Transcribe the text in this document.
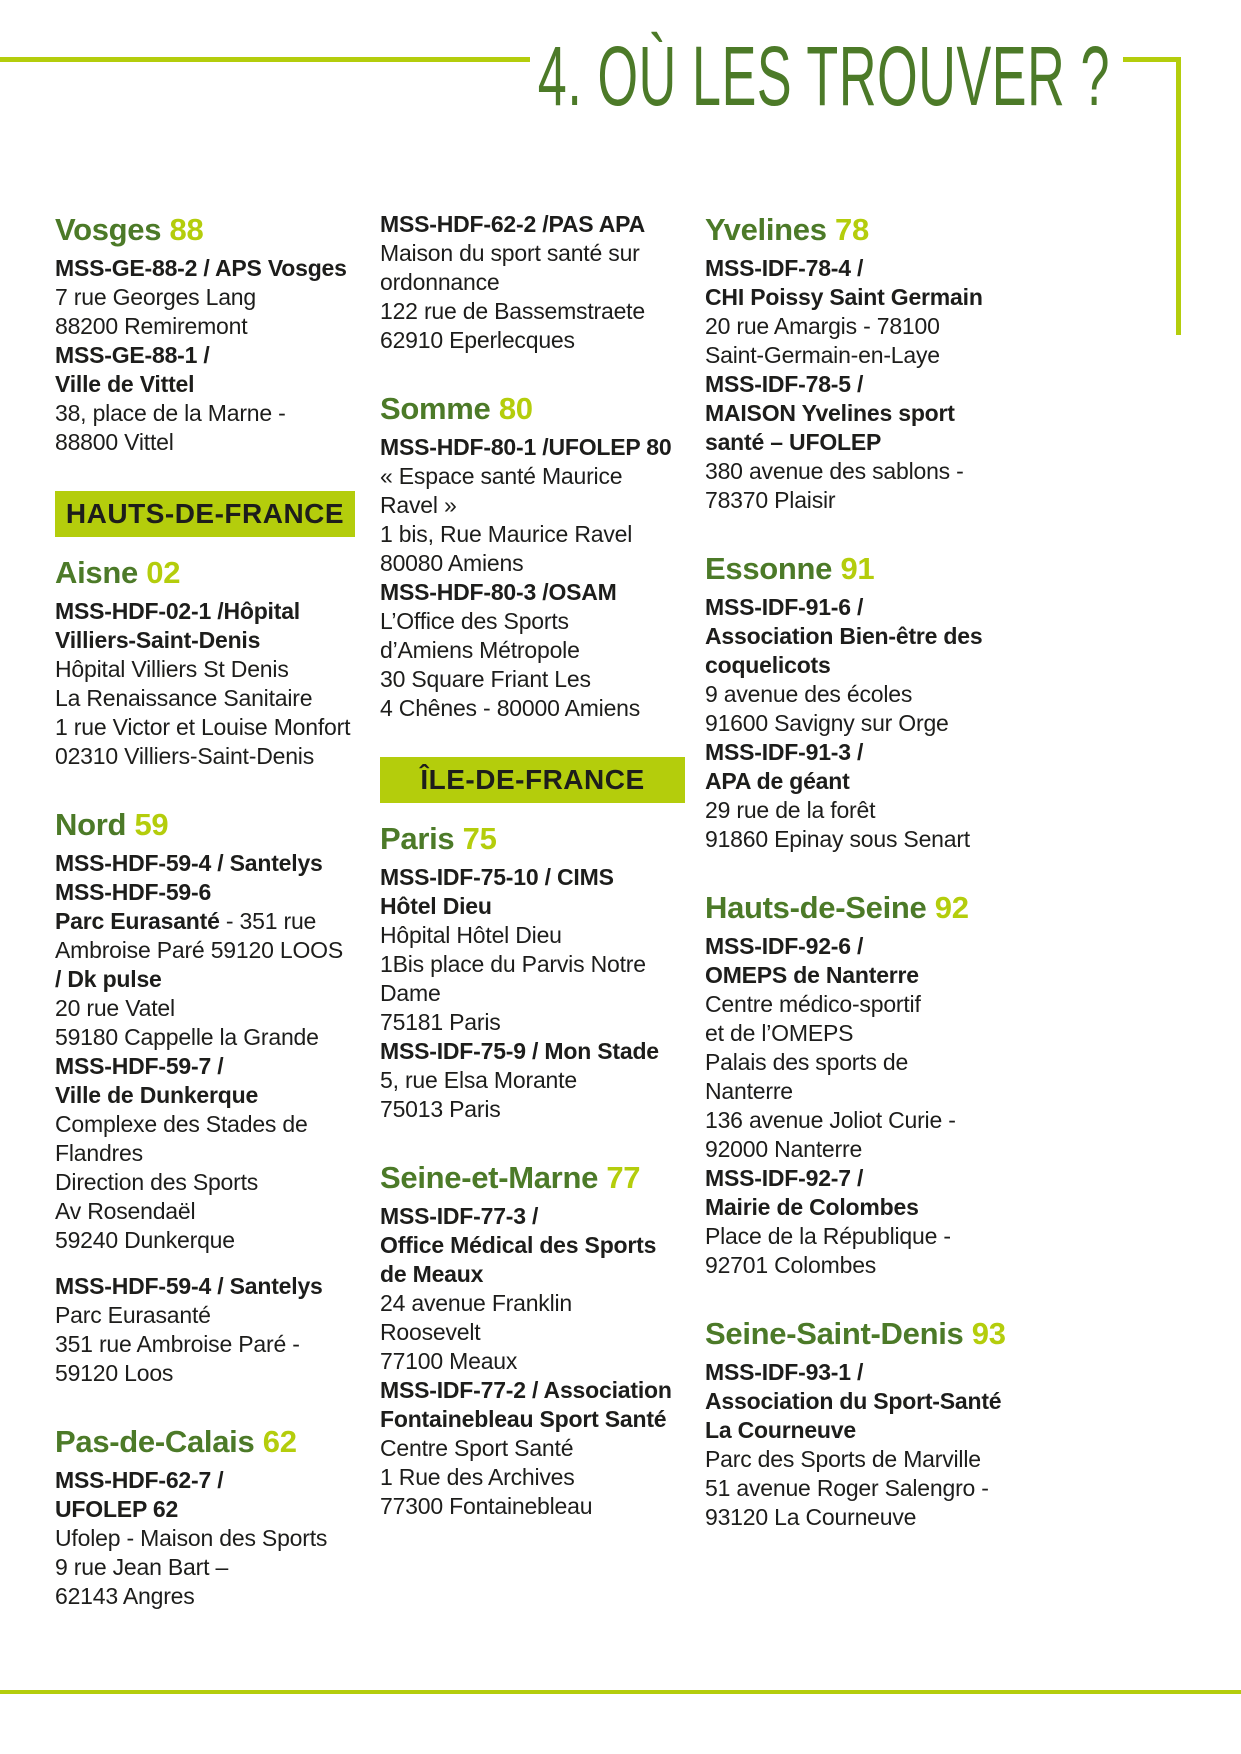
4. OÙ LES TROUVER ?
Vosges 88
MSS-GE-88-2 / APS Vosges
7 rue Georges Lang
88200 Remiremont
MSS-GE-88-1 /
Ville de Vittel
38, place de la Marne -
88800 Vittel
HAUTS-DE-FRANCE
Aisne 02
MSS-HDF-02-1 /Hôpital
Villiers-Saint-Denis
Hôpital Villiers St Denis
La Renaissance Sanitaire
1 rue Victor et Louise Monfort
02310 Villiers-Saint-Denis
Nord 59
MSS-HDF-59-4 / Santelys
MSS-HDF-59-6
Parc Eurasanté - 351 rue
Ambroise Paré 59120 LOOS
/ Dk pulse
20 rue Vatel
59180 Cappelle la Grande
MSS-HDF-59-7 /
Ville de Dunkerque
Complexe des Stades de
Flandres
Direction des Sports
Av Rosendaël
59240 Dunkerque
MSS-HDF-59-4 / Santelys
Parc Eurasanté
351 rue Ambroise Paré -
59120 Loos
Pas-de-Calais 62
MSS-HDF-62-7 /
UFOLEP 62
Ufolep - Maison des Sports
9 rue Jean Bart –
62143 Angres
MSS-HDF-62-2 /PAS APA
Maison du sport santé sur
ordonnance
122 rue de Bassemstraete
62910 Eperlecques
Somme 80
MSS-HDF-80-1 /UFOLEP 80
« Espace santé Maurice
Ravel »
1 bis, Rue Maurice Ravel
80080 Amiens
MSS-HDF-80-3 /OSAM
L’Office des Sports
d’Amiens Métropole
30 Square Friant Les
4 Chênes - 80000 Amiens
ÎLE-DE-FRANCE
Paris 75
MSS-IDF-75-10 / CIMS
Hôtel Dieu
Hôpital Hôtel Dieu
1Bis place du Parvis Notre
Dame
75181 Paris
MSS-IDF-75-9 / Mon Stade
5, rue Elsa Morante
75013 Paris
Seine-et-Marne 77
MSS-IDF-77-3 /
Office Médical des Sports
de Meaux
24 avenue Franklin
Roosevelt
77100 Meaux
MSS-IDF-77-2 / Association
Fontainebleau Sport Santé
Centre Sport Santé
1 Rue des Archives
77300 Fontainebleau
Yvelines 78
MSS-IDF-78-4 /
CHI Poissy Saint Germain
20 rue Amargis - 78100
Saint-Germain-en-Laye
MSS-IDF-78-5 /
MAISON Yvelines sport
santé – UFOLEP
380 avenue des sablons -
78370 Plaisir
Essonne 91
MSS-IDF-91-6 /
Association Bien-être des
coquelicots
9 avenue des écoles
91600 Savigny sur Orge
MSS-IDF-91-3 /
APA de géant
29 rue de la forêt
91860 Epinay sous Senart
Hauts-de-Seine 92
MSS-IDF-92-6 /
OMEPS de Nanterre
Centre médico-sportif
et de l’OMEPS
Palais des sports de
Nanterre
136 avenue Joliot Curie -
92000 Nanterre
MSS-IDF-92-7 /
Mairie de Colombes
Place de la République -
92701 Colombes
Seine-Saint-Denis 93
MSS-IDF-93-1 /
Association du Sport-Santé
La Courneuve
Parc des Sports de Marville
51 avenue Roger Salengro -
93120 La Courneuve
